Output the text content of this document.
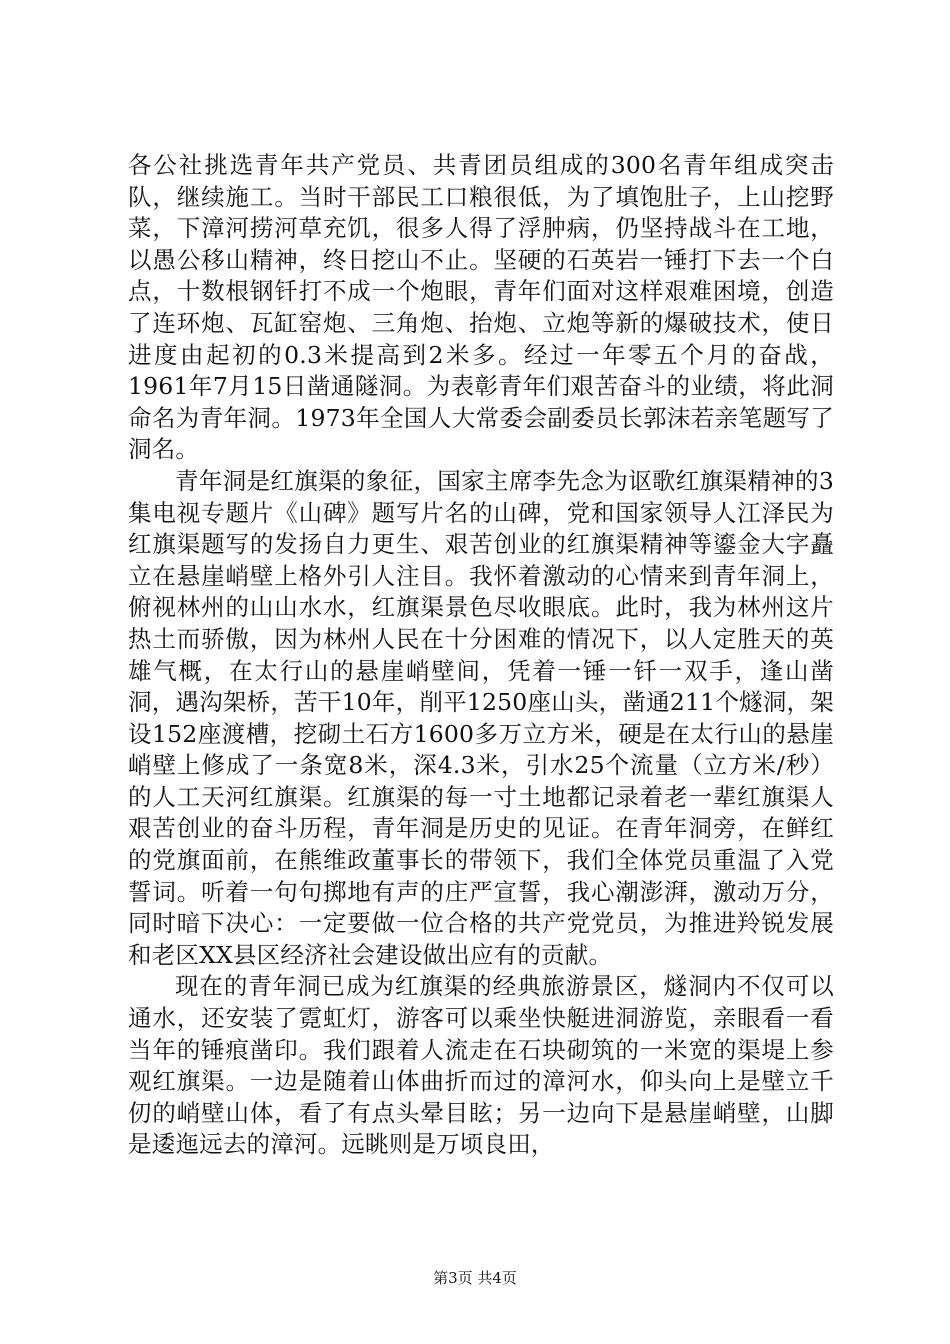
各公社挑选青年共产党员、共青团员组成的300名青年组成突击队，继续施工。当时干部民工口粮很低，为了填饱肚子，上山挖野菜，下漳河捞河草充饥，很多人得了浮肿病，仍坚持战斗在工地，以愚公移山精神，终日挖山不止。坚硬的石英岩一锤打下去一个白点，十数根钢钎打不成一个炮眼，青年们面对这样艰难困境，创造了连环炮、瓦缸窑炮、三角炮、抬炮、立炮等新的爆破技术，使日进度由起初的0.3米提高到2米多。经过一年零五个月的奋战，1961年7月15日凿通隧洞。为表彰青年们艰苦奋斗的业绩，将此洞命名为青年洞。1973年全国人大常委会副委员长郭沫若亲笔题写了洞名。

青年洞是红旗渠的象征，国家主席李先念为讴歌红旗渠精神的3集电视专题片《山碑》题写片名的山碑，党和国家领导人江泽民为红旗渠题写的发扬自力更生、艰苦创业的红旗渠精神等鎏金大字矗立在悬崖峭壁上格外引人注目。我怀着激动的心情来到青年洞上，俯视林州的山山水水，红旗渠景色尽收眼底。此时，我为林州这片热土而骄傲，因为林州人民在十分困难的情况下，以人定胜天的英雄气概，在太行山的悬崖峭壁间，凭着一锤一钎一双手，逢山凿洞，遇沟架桥，苦干10年，削平1250座山头，凿通211个燧洞，架设152座渡槽，挖砌土石方1600多万立方米，硬是在太行山的悬崖峭壁上修成了一条宽8米，深4.3米，引水25个流量（立方米/秒）的人工天河红旗渠。红旗渠的每一寸土地都记录着老一辈红旗渠人艰苦创业的奋斗历程，青年洞是历史的见证。在青年洞旁，在鲜红的党旗面前，在熊维政董事长的带领下，我们全体党员重温了入党誓词。听着一句句掷地有声的庄严宣誓，我心潮澎湃，激动万分，同时暗下决心：一定要做一位合格的共产党党员，为推进羚锐发展和老区XX县区经济社会建设做出应有的贡献。

现在的青年洞已成为红旗渠的经典旅游景区，燧洞内不仅可以通水，还安装了霓虹灯，游客可以乘坐快艇进洞游览，亲眼看一看当年的锤痕凿印。我们跟着人流走在石块砌筑的一米宽的渠堤上参观红旗渠。一边是随着山体曲折而过的漳河水，仰头向上是壁立千仞的峭壁山体，看了有点头晕目眩；另一边向下是悬崖峭壁，山脚是逶迤远去的漳河。远眺则是万顷良田，

第3页 共4页
